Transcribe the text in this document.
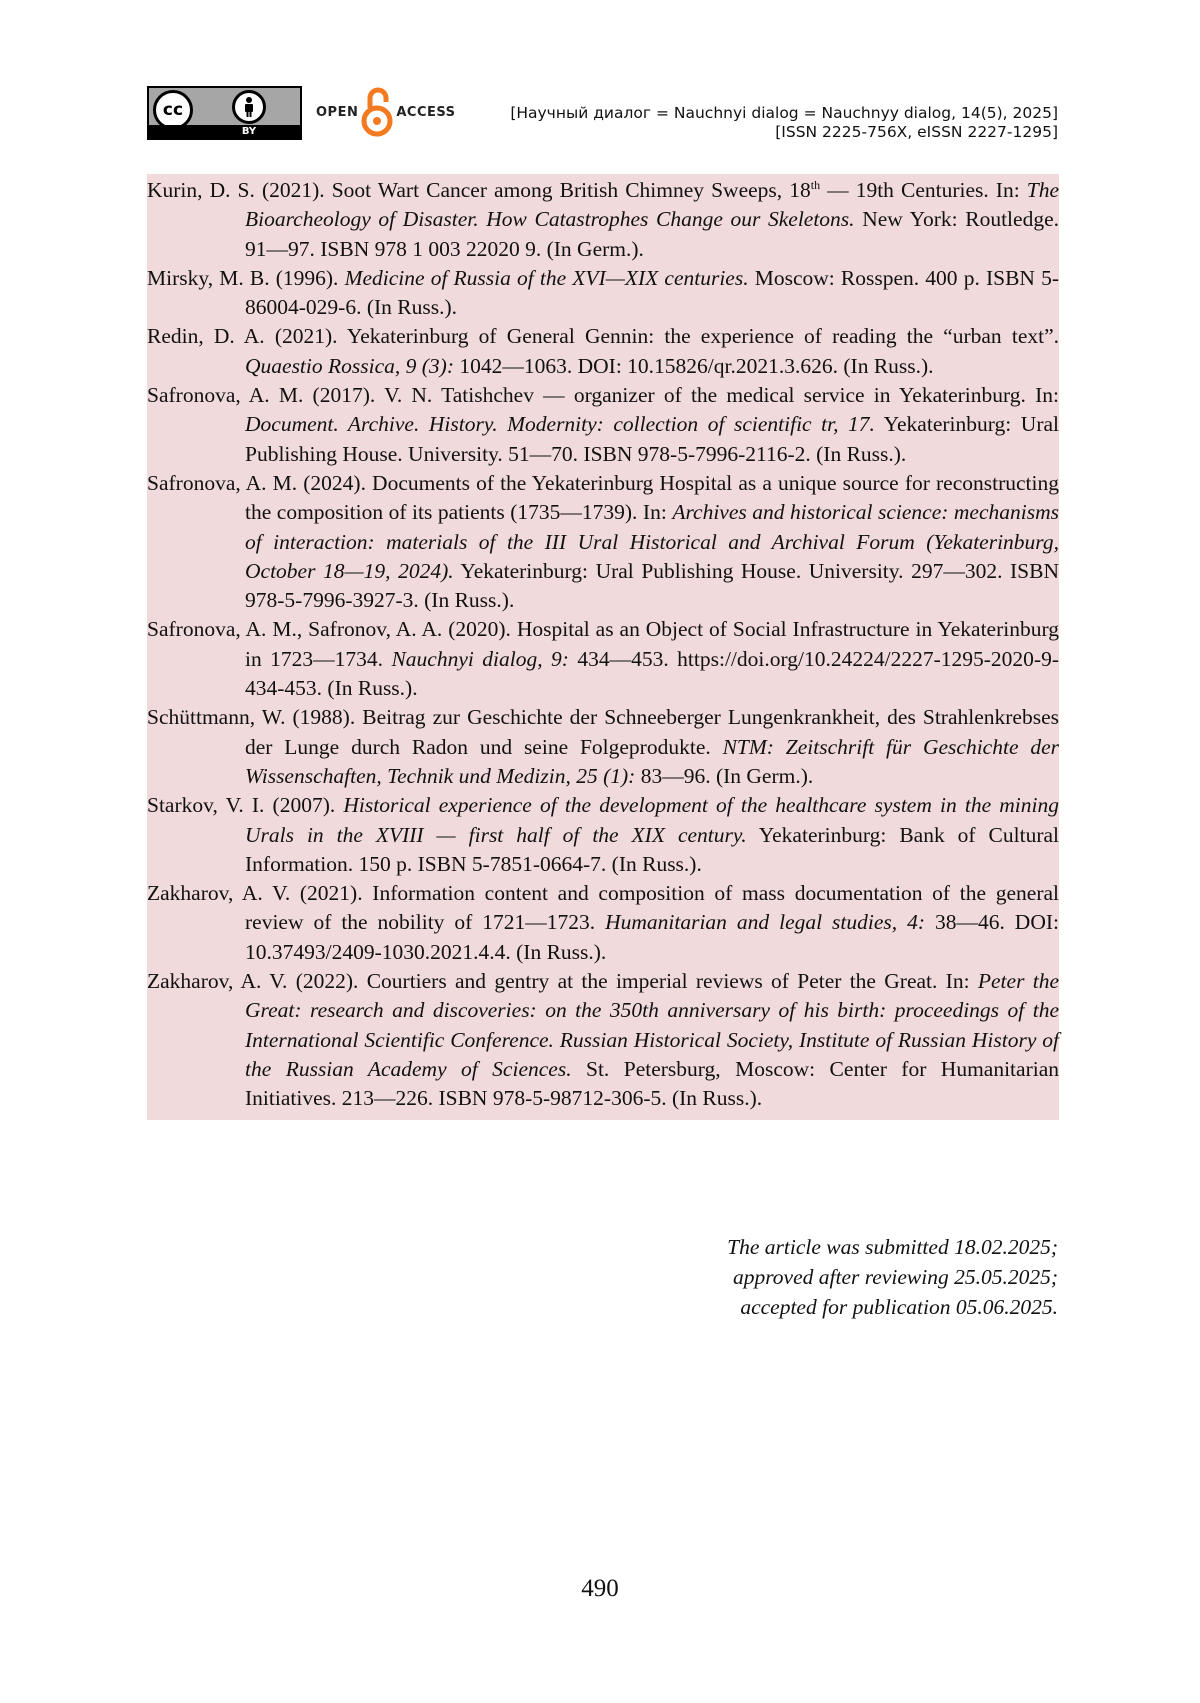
cc
BY
OPEN	ACCESS	[Научный диалог = Nauchnyi dialog = Nauchnyy dialog, 14(5), 2025]
[ISSN 2225-756X, eISSN 2227-1295]

Kurin, D. S. (2021). Soot Wart Cancer among British Chimney Sweeps, 18th — 19th Centuries. In: The Bioarcheology of Disaster. How Catastrophes Change our Skeletons. New York: Routledge. 91—97. ISBN 978 1 003 22020 9. (In Germ.).

Mirsky, M. B. (1996). Medicine of Russia of the XVI—XIX centuries. Moscow: Rosspen. 400 p. ISBN 5-86004-029-6. (In Russ.).

Redin, D. A. (2021). Yekaterinburg of General Gennin: the experience of reading the “urban text”. Quaestio Rossica, 9 (3): 1042—1063. DOI: 10.15826/qr.2021.3.626. (In Russ.).

Safronova, A. M. (2017). V. N. Tatishchev — organizer of the medical service in Yekaterinburg. In: Document. Archive. History. Modernity: collection of scientific tr, 17. Yekaterinburg: Ural Publishing House. University. 51—70. ISBN 978-5-7996-2116-2. (In Russ.).

Safronova, A. M. (2024). Documents of the Yekaterinburg Hospital as a unique source for reconstructing the composition of its patients (1735—1739). In: Archives and historical science: mechanisms of interaction: materials of the III Ural Historical and Archival Forum (Yekaterinburg, October 18—19, 2024). Yekaterinburg: Ural Publishing House. University. 297—302. ISBN 978-5-7996-3927-3. (In Russ.).

Safronova, A. M., Safronov, A. A. (2020). Hospital as an Object of Social Infrastructure in Yekaterinburg in 1723—1734. Nauchnyi dialog, 9: 434—453. https://doi.org/10.24224/2227-1295-2020-9-434-453. (In Russ.).

Schüttmann, W. (1988). Beitrag zur Geschichte der Schneeberger Lungenkrankheit, des Strahlenkrebses der Lunge durch Radon und seine Folgeprodukte. NTM: Zeitschrift für Geschichte der Wissenschaften, Technik und Medizin, 25 (1): 83—96. (In Germ.).

Starkov, V. I. (2007). Historical experience of the development of the healthcare system in the mining Urals in the XVIII — first half of the XIX century. Yekaterinburg: Bank of Cultural Information. 150 p. ISBN 5-7851-0664-7. (In Russ.).

Zakharov, A. V. (2021). Information content and composition of mass documentation of the general review of the nobility of 1721—1723. Humanitarian and legal studies, 4: 38—46. DOI: 10.37493/2409-1030.2021.4.4. (In Russ.).

Zakharov, A. V. (2022). Courtiers and gentry at the imperial reviews of Peter the Great. In: Peter the Great: research and discoveries: on the 350th anniversary of his birth: proceedings of the International Scientific Conference. Russian Historical Society, Institute of Russian History of the Russian Academy of Sciences. St. Petersburg, Moscow: Center for Humanitarian Initiatives. 213—226. ISBN 978-5-98712-306-5. (In Russ.).

The article was submitted 18.02.2025;
approved after reviewing 25.05.2025;
accepted for publication 05.06.2025.
490
